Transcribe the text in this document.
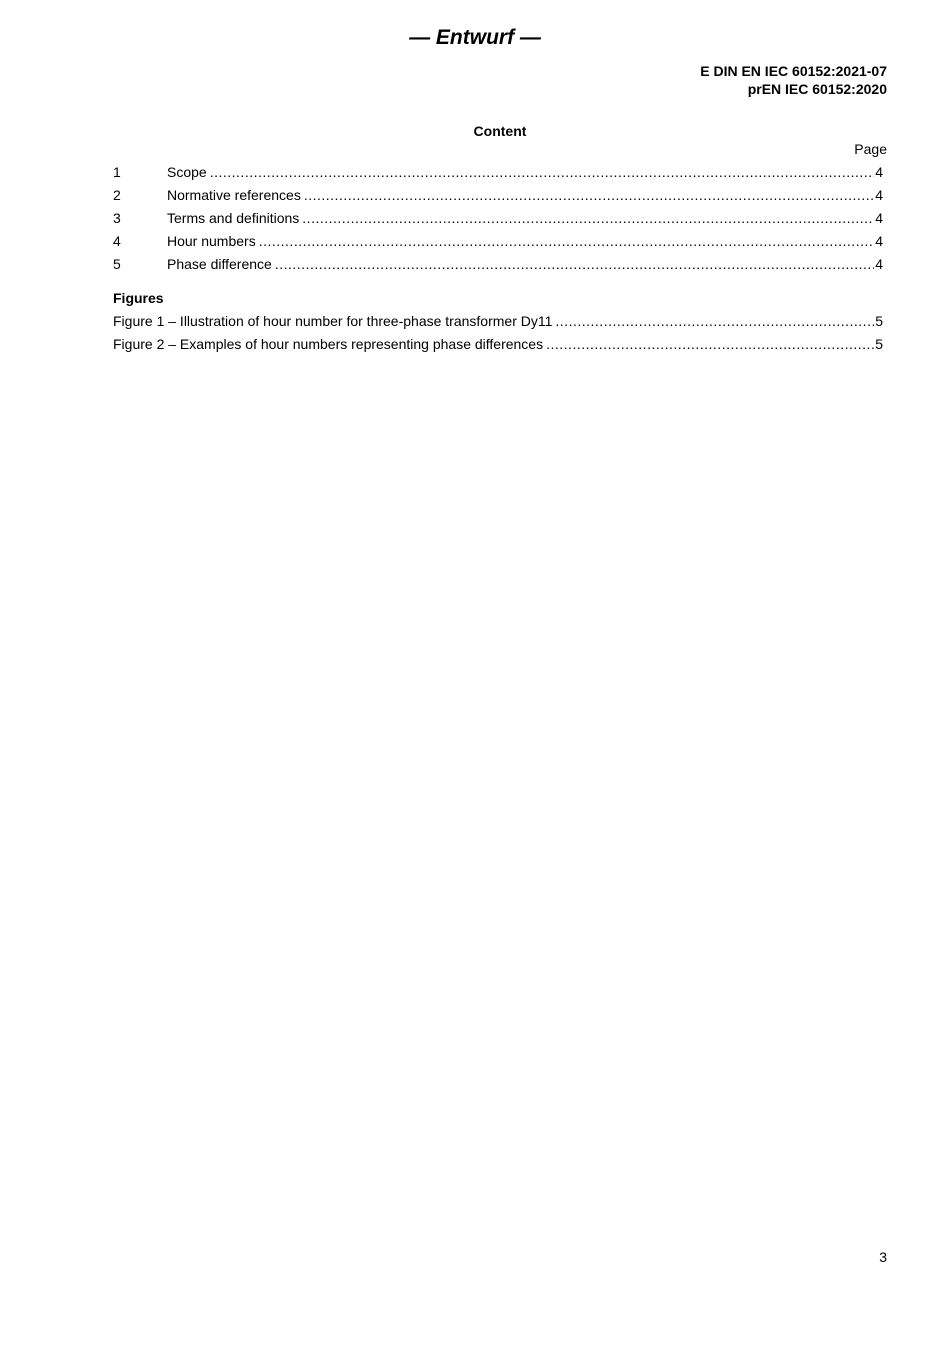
— Entwurf —
E DIN EN IEC 60152:2021-07
prEN IEC 60152:2020
Content
Page
1	Scope .....	4
2	Normative references .....	4
3	Terms and definitions .....	4
4	Hour numbers .....	4
5	Phase difference .....	4
Figure 1 – Illustration of hour number for three-phase transformer Dy11 .....	5
Figure 2 – Examples of hour numbers representing phase differences .....	5
Figures
3
